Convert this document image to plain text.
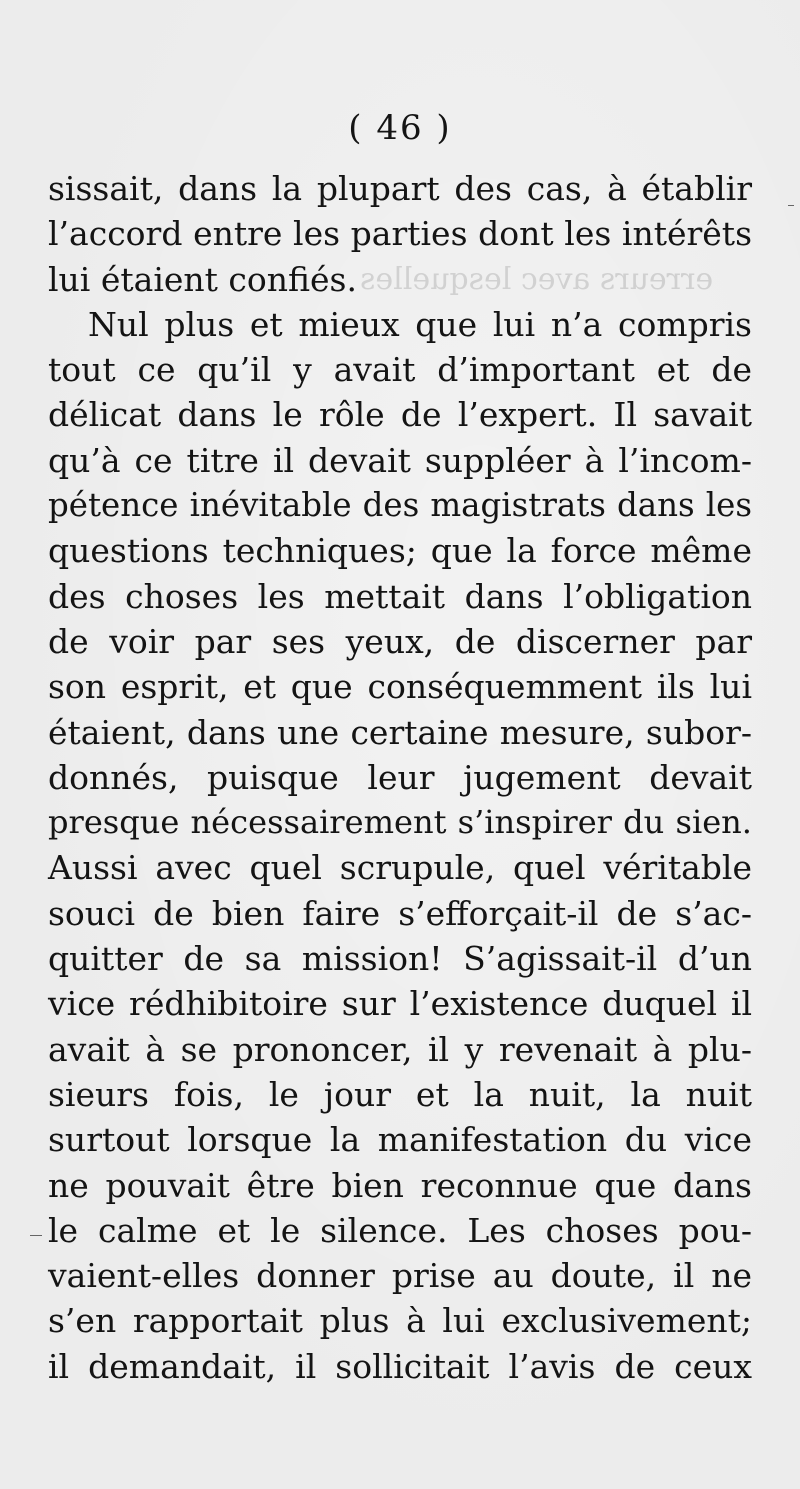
erreurs avec lesquelles
( 46 )
sissait, dans la plupart des cas, à établir
l’accord entre les parties dont les intérêts
lui étaient confiés.
Nul plus et mieux que lui n’a compris
tout ce qu’il y avait d’important et de
délicat dans le rôle de l’expert. Il savait
qu’à ce titre il devait suppléer à l’incom-
pétence inévitable des magistrats dans les
questions techniques; que la force même
des choses les mettait dans l’obligation
de voir par ses yeux, de discerner par
son esprit, et que conséquemment ils lui
étaient, dans une certaine mesure, subor-
donnés, puisque leur jugement devait
presque nécessairement s’inspirer du sien.
Aussi avec quel scrupule, quel véritable
souci de bien faire s’efforçait-il de s’ac-
quitter de sa mission! S’agissait-il d’un
vice rédhibitoire sur l’existence duquel il
avait à se prononcer, il y revenait à plu-
sieurs fois, le jour et la nuit, la nuit
surtout lorsque la manifestation du vice
ne pouvait être bien reconnue que dans
le calme et le silence. Les choses pou-
vaient-elles donner prise au doute, il ne
s’en rapportait plus à lui exclusivement;
il demandait, il sollicitait l’avis de ceux
